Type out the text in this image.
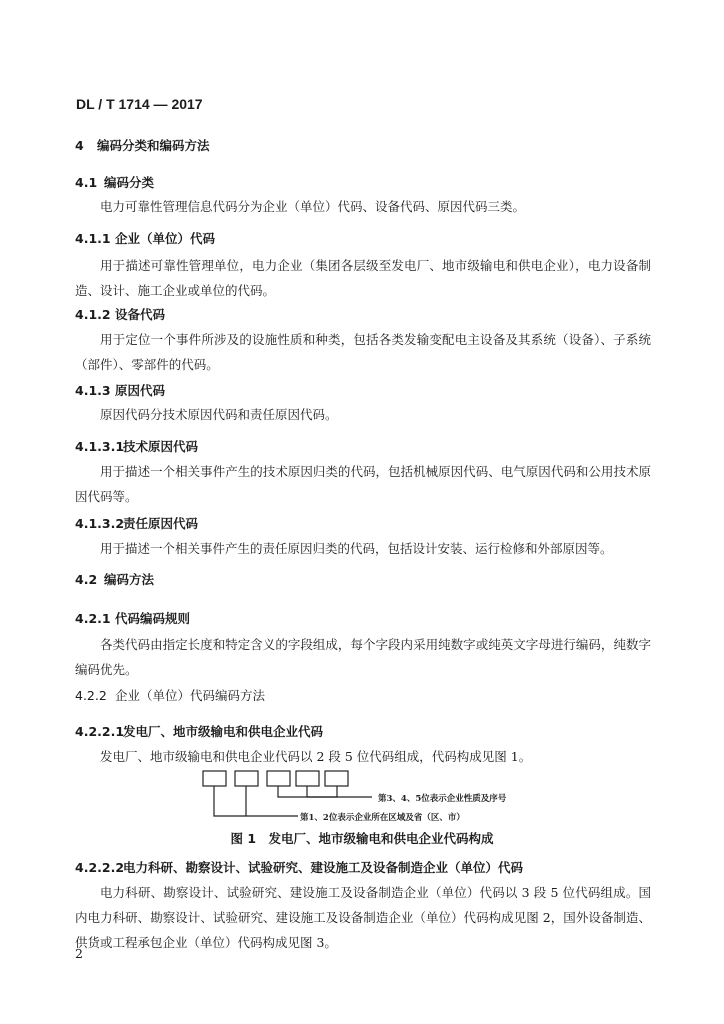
DL / T 1714 — 2017
4 编码分类和编码方法
4.1 编码分类
电力可靠性管理信息代码分为企业（单位）代码、设备代码、原因代码三类。
4.1.1 企业（单位）代码
用于描述可靠性管理单位，电力企业（集团各层级至发电厂、地市级输电和供电企业），电力设备制造、设计、施工企业或单位的代码。
4.1.2 设备代码
用于定位一个事件所涉及的设施性质和种类，包括各类发输变配电主设备及其系统（设备）、子系统（部件）、零部件的代码。
4.1.3 原因代码
原因代码分技术原因代码和责任原因代码。
4.1.3.1技术原因代码
用于描述一个相关事件产生的技术原因归类的代码，包括机械原因代码、电气原因代码和公用技术原因代码等。
4.1.3.2责任原因代码
用于描述一个相关事件产生的责任原因归类的代码，包括设计安装、运行检修和外部原因等。
4.2 编码方法
4.2.1 代码编码规则
各类代码由指定长度和特定含义的字段组成，每个字段内采用纯数字或纯英文字母进行编码，纯数字编码优先。
4.2.2 企业（单位）代码编码方法
4.2.2.1发电厂、地市级输电和供电企业代码
发电厂、地市级输电和供电企业代码以 2 段 5 位代码组成，代码构成见图 1。
第3、4、5位表示企业性质及序号
第1、2位表示企业所在区域及省（区、市）
图 1　发电厂、地市级输电和供电企业代码构成
4.2.2.2电力科研、勘察设计、试验研究、建设施工及设备制造企业（单位）代码
电力科研、勘察设计、试验研究、建设施工及设备制造企业（单位）代码以 3 段 5 位代码组成。国内电力科研、勘察设计、试验研究、建设施工及设备制造企业（单位）代码构成见图 2，国外设备制造、供货或工程承包企业（单位）代码构成见图 3。
2
